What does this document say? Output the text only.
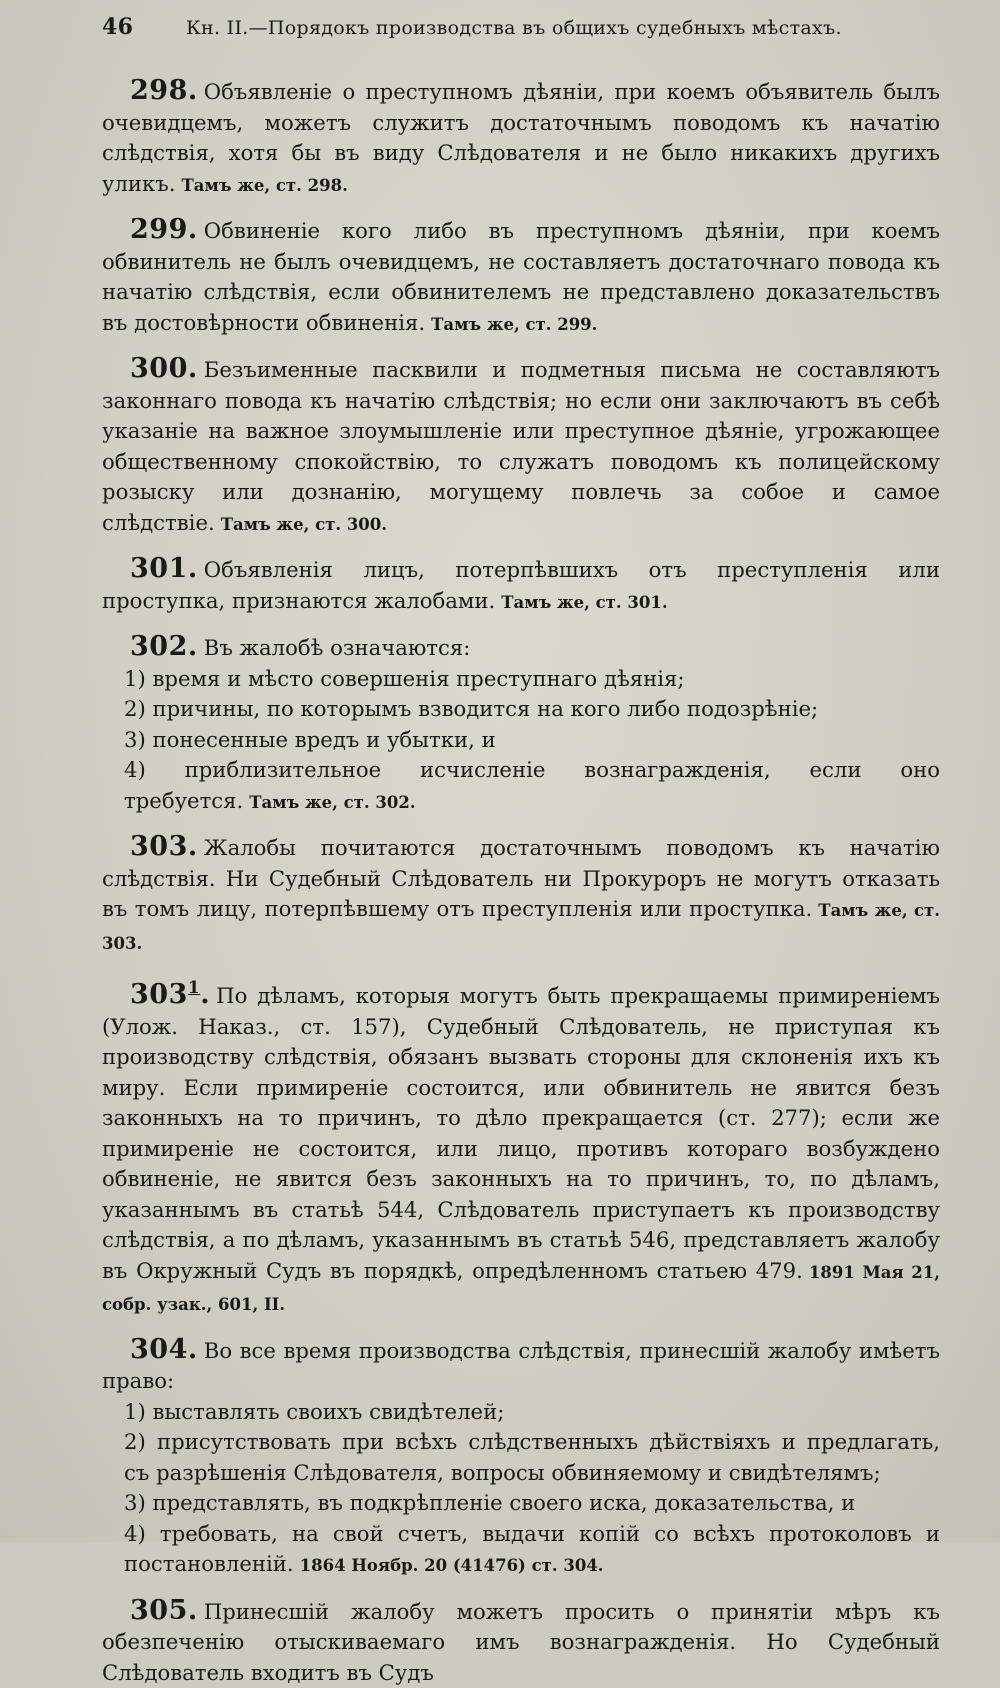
46	Кн. II.—Порядокъ производства въ общихъ судебныхъ мѣстахъ.

298. Объявленіе о преступномъ дѣяніи, при коемъ объявитель былъ очевидцемъ, можетъ служитъ достаточнымъ поводомъ къ начатію слѣдствія, хотя бы въ виду Слѣдователя и не было никакихъ другихъ уликъ. Тамъ же, ст. 298.

299. Обвиненіе кого либо въ преступномъ дѣяніи, при коемъ обвинитель не былъ очевидцемъ, не составляетъ достаточнаго повода къ начатію слѣдствія, если обвинителемъ не представлено доказательствъ въ достовѣрности обвиненія. Тамъ же, ст. 299.

300. Безъименные пасквили и подметныя письма не составляютъ законнаго повода къ начатію слѣдствія; но если они заключаютъ въ себѣ указаніе на важное злоумышленіе или преступное дѣяніе, угрожающее общественному спокойствію, то служатъ поводомъ къ полицейскому розыску или дознанію, могущему повлечь за собое и самое слѣдствіе. Тамъ же, ст. 300.

301. Объявленія лицъ, потерпѣвшихъ отъ преступленія или проступка, признаются жалобами. Тамъ же, ст. 301.

302. Въ жалобѣ означаются:

1) время и мѣсто совершенія преступнаго дѣянія;

2) причины, по которымъ взводится на кого либо подозрѣніе;

3) понесенные вредъ и убытки, и

4) приблизительное исчисленіе вознагражденія, если оно требуется. Тамъ же, ст. 302.

303. Жалобы почитаются достаточнымъ поводомъ къ начатію слѣдствія. Ни Судебный Слѣдователь ни Прокуроръ не могутъ отказать въ томъ лицу, потерпѣвшему отъ преступленія или проступка. Тамъ же, ст. 303.

$303^1$. По дѣламъ, которыя могутъ быть прекращаемы примиреніемъ (Улож. Наказ., ст. 157), Судебный Слѣдователь, не приступая къ производству слѣдствія, обязанъ вызвать стороны для склоненія ихъ къ миру. Если примиреніе состоится, или обвинитель не явится безъ законныхъ на то причинъ, то дѣло прекращается (ст. 277); если же примиреніе не состоится, или лицо, противъ котораго возбуждено обвиненіе, не явится безъ законныхъ на то причинъ, то, по дѣламъ, указаннымъ въ статьѣ 544, Слѣдователь приступаетъ къ производству слѣдствія, а по дѣламъ, указаннымъ въ статьѣ 546, представляетъ жалобу въ Окружный Судъ въ порядкѣ, опредѣленномъ статьею 479. 1891 Мая 21, собр. узак., 601, II.

304. Во все время производства слѣдствія, принесшій жалобу имѣетъ право:

1) выставлять своихъ свидѣтелей;

2) присутствовать при всѣхъ слѣдственныхъ дѣйствіяхъ и предлагать, съ разрѣшенія Слѣдователя, вопросы обвиняемому и свидѣтелямъ;

3) представлять, въ подкрѣпленіе своего иска, доказательства, и

4) требовать, на свой счетъ, выдачи копій со всѣхъ протоколовъ и постановленій. 1864 Ноябр. 20 (41476) ст. 304.

305. Принесшій жалобу можетъ просить о принятіи мѣръ къ обезпеченію отыскиваемаго имъ вознагражденія. Но Судебный Слѣдователь входитъ въ Судъ
